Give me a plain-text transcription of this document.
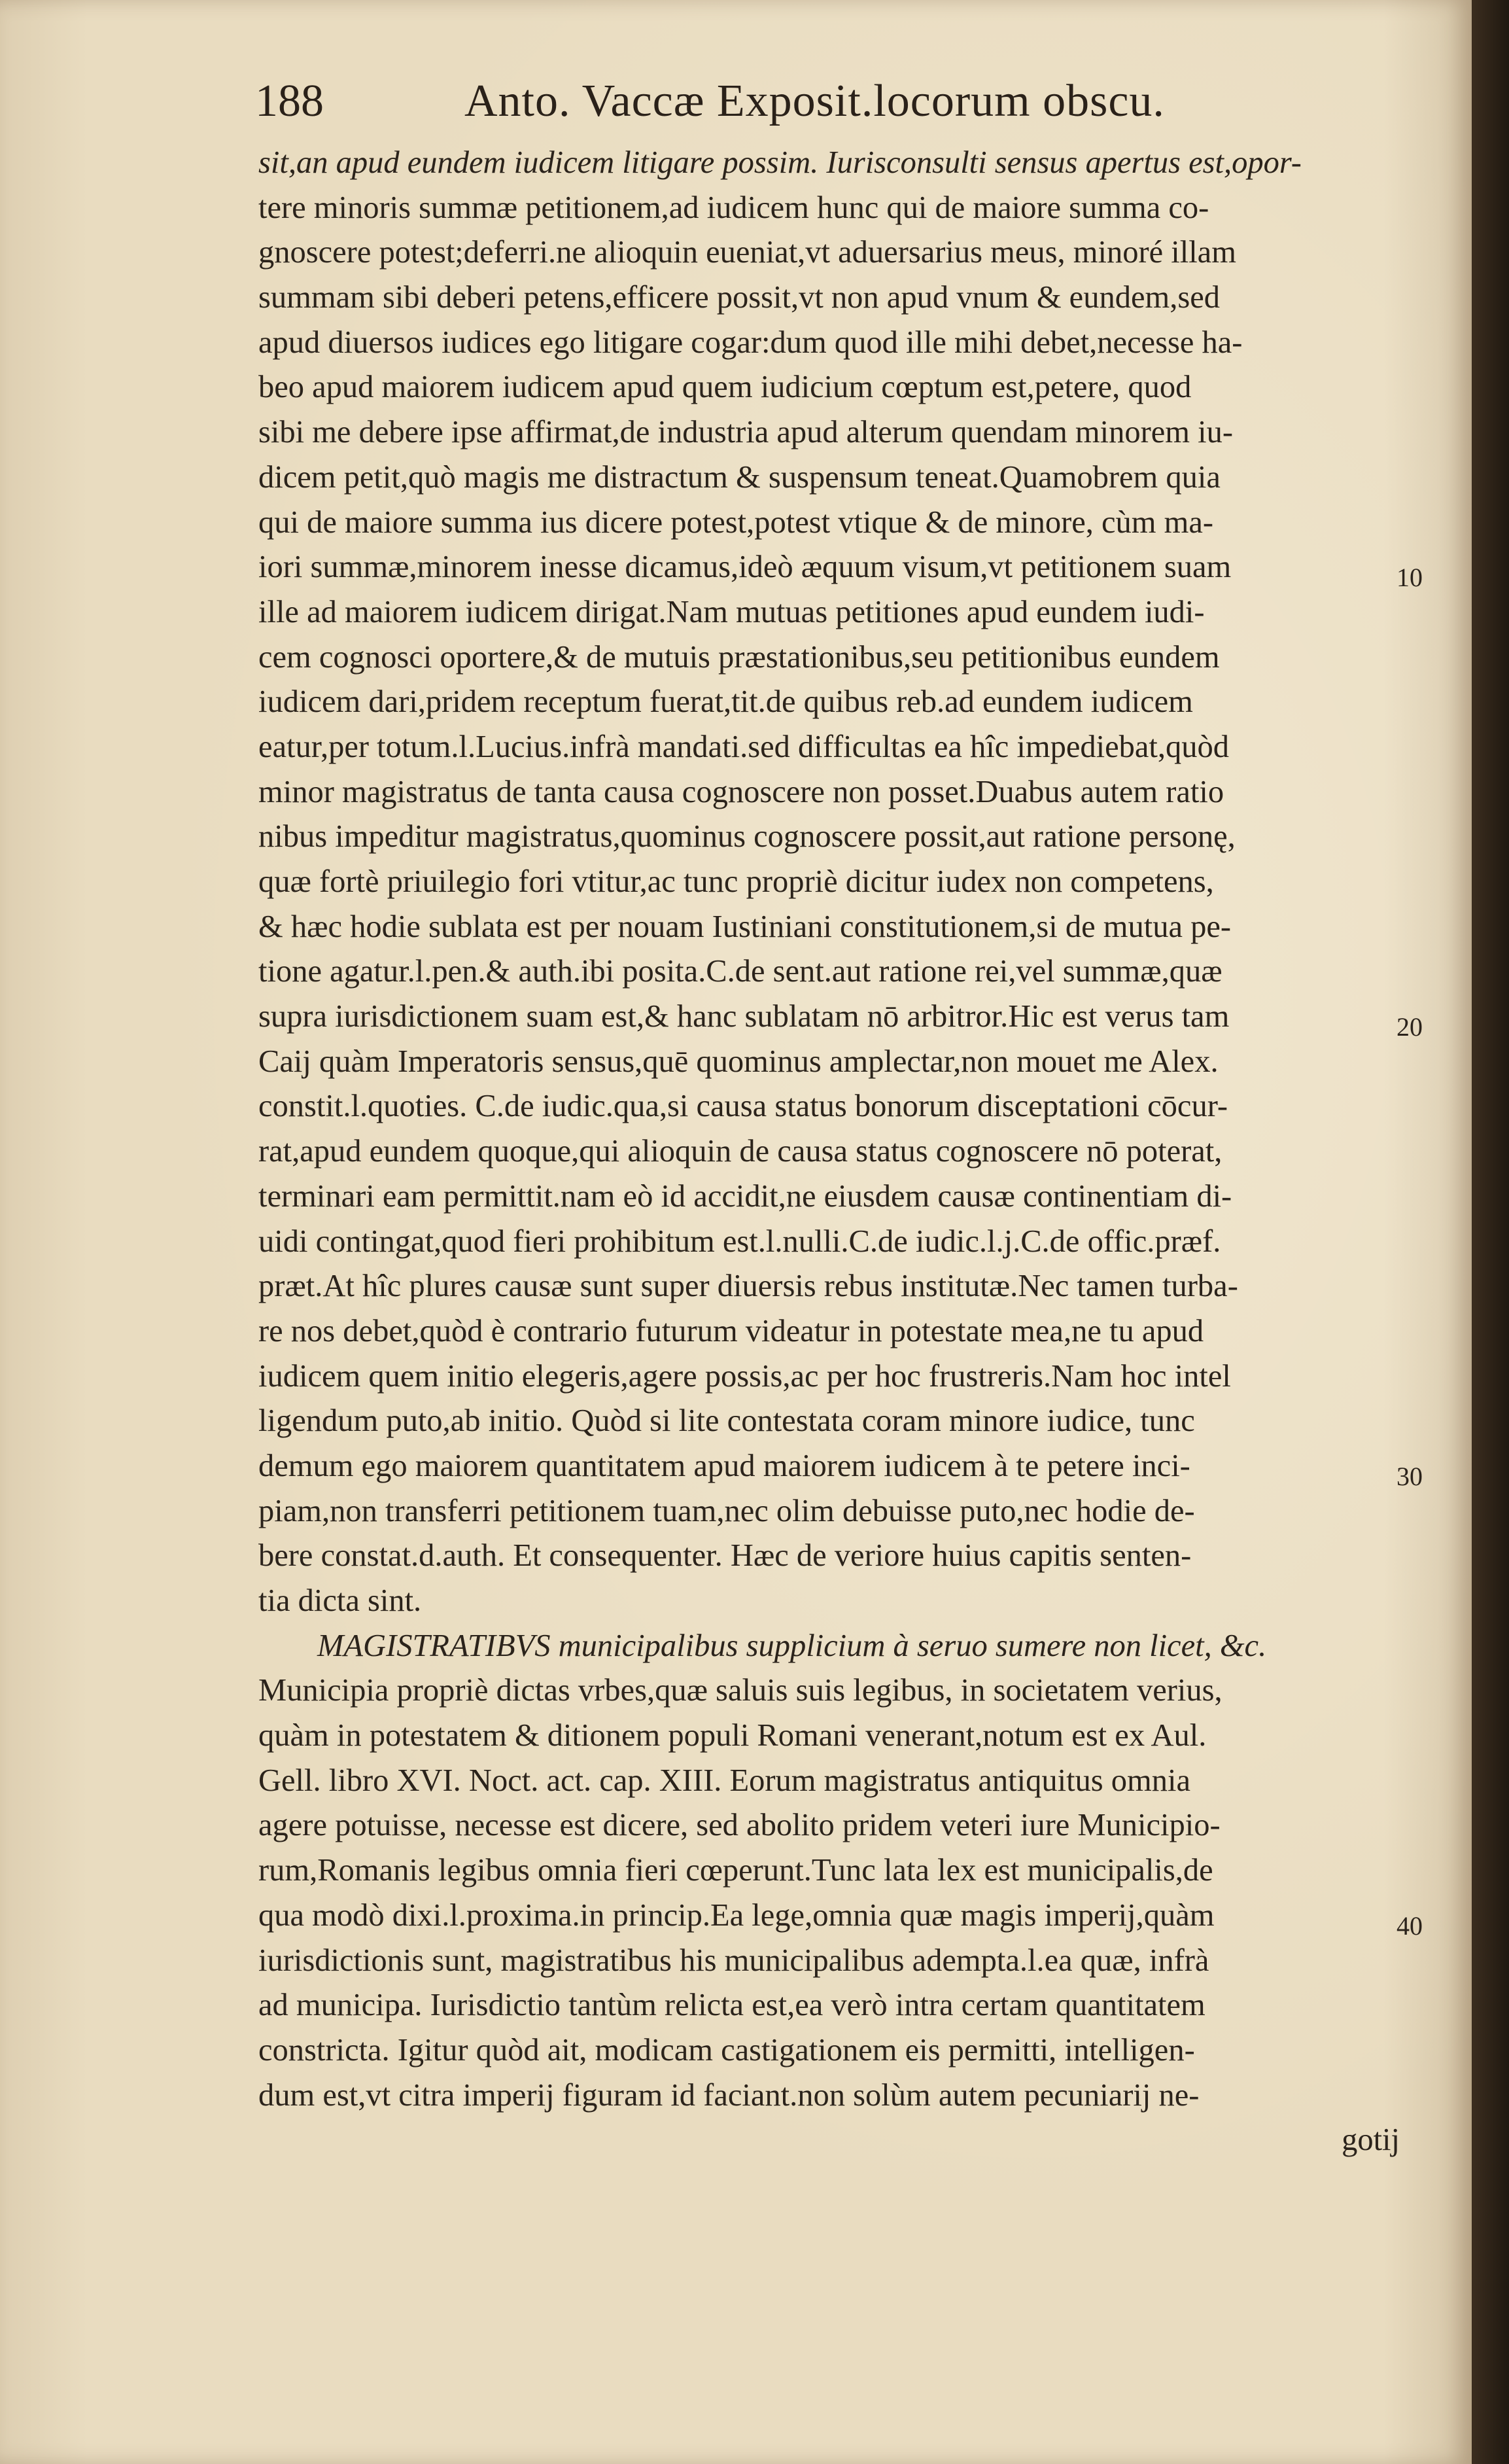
188	Anto. Vaccæ Exposit.locorum obscu.
sit,an apud eundem iudicem litigare possim. Iurisconsulti sensus apertus est,opor-
tere minoris summæ petitionem,ad iudicem hunc qui de maiore summa co-
gnoscere potest;deferri.ne alioquin eueniat,vt aduersarius meus, minoré illam
summam sibi deberi petens,efficere possit,vt non apud vnum & eundem,sed
apud diuersos iudices ego litigare cogar:dum quod ille mihi debet,necesse ha-
beo apud maiorem iudicem apud quem iudicium cœptum est,petere, quod
sibi me debere ipse affirmat,de industria apud alterum quendam minorem iu-
dicem petit,quò magis me distractum & suspensum teneat.Quamobrem quia
qui de maiore summa ius dicere potest,potest vtique & de minore, cùm ma-
iori summæ,minorem inesse dicamus,ideò æquum visum,vt petitionem suam
ille ad maiorem iudicem dirigat.Nam mutuas petitiones apud eundem iudi-
cem cognosci oportere,& de mutuis præstationibus,seu petitionibus eundem
iudicem dari,pridem receptum fuerat,tit.de quibus reb.ad eundem iudicem
eatur,per totum.l.Lucius.infrà mandati.sed difficultas ea hîc impediebat,quòd
minor magistratus de tanta causa cognoscere non posset.Duabus autem ratio
nibus impeditur magistratus,quominus cognoscere possit,aut ratione personę,
quæ fortè priuilegio fori vtitur,ac tunc propriè dicitur iudex non competens,
& hæc hodie sublata est per nouam Iustiniani constitutionem,si de mutua pe-
tione agatur.l.pen.& auth.ibi posita.C.de sent.aut ratione rei,vel summæ,quæ
supra iurisdictionem suam est,& hanc sublatam nō arbitror.Hic est verus tam
Caij quàm Imperatoris sensus,quē quominus amplectar,non mouet me Alex.
constit.l.quoties. C.de iudic.qua,si causa status bonorum disceptationi cōcur-
rat,apud eundem quoque,qui alioquin de causa status cognoscere nō poterat,
terminari eam permittit.nam eò id accidit,ne eiusdem causæ continentiam di-
uidi contingat,quod fieri prohibitum est.l.nulli.C.de iudic.l.j.C.de offic.præf.
præt.At hîc plures causæ sunt super diuersis rebus institutæ.Nec tamen turba-
re nos debet,quòd è contrario futurum videatur in potestate mea,ne tu apud
iudicem quem initio elegeris,agere possis,ac per hoc frustreris.Nam hoc intel
ligendum puto,ab initio. Quòd si lite contestata coram minore iudice, tunc
demum ego maiorem quantitatem apud maiorem iudicem à te petere inci-
piam,non transferri petitionem tuam,nec olim debuisse puto,nec hodie de-
bere constat.d.auth. Et consequenter. Hæc de veriore huius capitis senten-
tia dicta sint.
MAGISTRATIBVS municipalibus supplicium à seruo sumere non licet, &c.
Municipia propriè dictas vrbes,quæ saluis suis legibus, in societatem verius,
quàm in potestatem & ditionem populi Romani venerant,notum est ex Aul.
Gell. libro XVI. Noct. act. cap. XIII. Eorum magistratus antiquitus omnia
agere potuisse, necesse est dicere, sed abolito pridem veteri iure Municipio-
rum,Romanis legibus omnia fieri cœperunt.Tunc lata lex est municipalis,de
qua modò dixi.l.proxima.in princip.Ea lege,omnia quæ magis imperij,quàm
iurisdictionis sunt, magistratibus his municipalibus adempta.l.ea quæ, infrà
ad municipa. Iurisdictio tantùm relicta est,ea verò intra certam quantitatem
constricta. Igitur quòd ait, modicam castigationem eis permitti, intelligen-
dum est,vt citra imperij figuram id faciant.non solùm autem pecuniarij ne-
gotij
10
20
30
40
